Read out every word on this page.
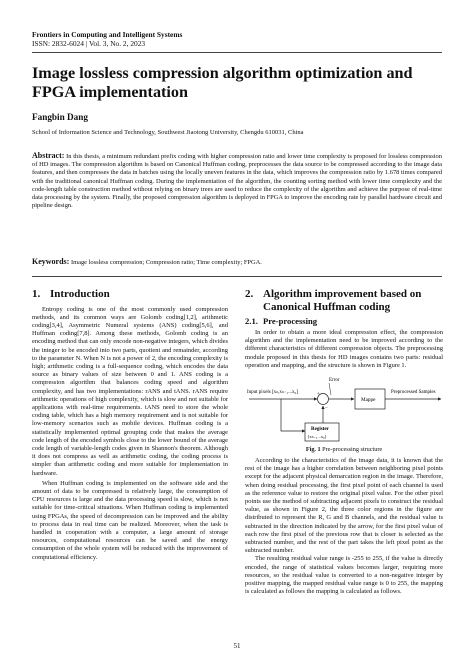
Frontiers in Computing and Intelligent Systems
ISSN: 2832-6024 | Vol. 3, No. 2, 2023
Image lossless compression algorithm optimization and FPGA implementation
Fangbin Dang
School of Information Science and Technology, Southwest Jiaotong University, Chengdu 610031, China
Abstract: In this thesis, a minimum redundant prefix coding with higher compression ratio and lower time complexity is proposed for lossless compression of HD images. The compression algorithm is based on Canonical Huffman coding, preprocesses the data source to be compressed according to the image data features, and then compresses the data in batches using the locally uneven features in the data, which improves the compression ratio by 1.678 times compared with the traditional canonical Huffman coding. During the implementation of the algorithm, the counting sorting method with lower time complexity and the code-length table construction method without relying on binary trees are used to reduce the complexity of the algorithm and achieve the purpose of real-time data processing by the system. Finally, the proposed compression algorithm is deployed in FPGA to improve the encoding rate by parallel hardware circuit and pipeline design.
Keywords: Image lossless compression; Compression ratio; Time complexity; FPGA.
1. Introduction

Entropy coding is one of the most commonly used compression methods, and its common ways are Golomb coding[1,2], arithmetic coding[3,4], Asymmetric Numeral systems (ANS) coding[5,6], and Huffman coding[7,8]. Among these methods, Golomb coding is an encoding method that can only encode non-negative integers, which divides the integer to be encoded into two parts, quotient and remainder, according to the parameter N. When N is not a power of 2, the encoding complexity is high; arithmetic coding is a full-sequence coding, which encodes the data source as binary values of size between 0 and 1. ANS coding is a compression algorithm that balances coding speed and algorithm complexity, and has two implementations: rANS and tANS. rANS require arithmetic operations of high complexity, which is slow and not suitable for applications with real-time requirements. tANS need to store the whole coding table, which has a high memory requirement and is not suitable for low-memory scenarios such as mobile devices. Huffman coding is a statistically implemented optimal grouping code that makes the average code length of the encoded symbols close to the lower bound of the average code length of variable-length codes given in Shannon's theorem. Although it does not compress as well as arithmetic coding, the coding process is simpler than arithmetic coding and more suitable for implementation in hardware.

When Huffman coding is implemented on the software side and the amount of data to be compressed is relatively large, the consumption of CPU resources is large and the data processing speed is slow, which is not suitable for time-critical situations. When Huffman coding is implemented using FPGAs, the speed of decompression can be improved and the ability to process data in real time can be realized. Moreover, when the task is handled in cooperation with a computer, a large amount of storage resources, computational resources can be saved and the energy consumption of the whole system will be reduced with the improvement of computational efficiency.

2. Algorithm improvement based on Canonical Huffman coding
2.1. Pre-processing

In order to obtain a more ideal compression effect, the compression algorithm and the implementation need to be improved according to the different characteristics of different compression objects. The preprocessing module proposed in this thesis for HD images contains two parts: residual operation and mapping, and the structure is shown in Figure 1.

Input pixels [xₙ,xₙ₋₁...x₀]	+
−
Error
Mappe
Preprocessed Samples
Register
[xₙ₋₁...x₀]
Fig. 1 Pre-processing structure

According to the characteristics of the image data, it is known that the rest of the image has a higher correlation between neighboring pixel points except for the adjacent physical demarcation region in the image. Therefore, when doing residual processing, the first pixel point of each channel is used as the reference value to restore the original pixel value. For the other pixel points use the method of subtracting adjacent pixels to construct the residual value, as shown in Figure 2, the three color regions in the figure are distributed to represent the R, G and B channels, and the residual value is subtracted in the direction indicated by the arrow, for the first pixel value of each row the first pixel of the previous row that is closer is selected as the subtracted number, and the rest of the part takes the left pixel point as the subtracted number.

The resulting residual value range is -255 to 255, if the value is directly encoded, the range of statistical values becomes larger, requiring more resources, so the residual value is converted to a non-negative integer by positive mapping, the mapped residual value range is 0 to 255, the mapping is calculated as follows the mapping is calculated as follows.

51
